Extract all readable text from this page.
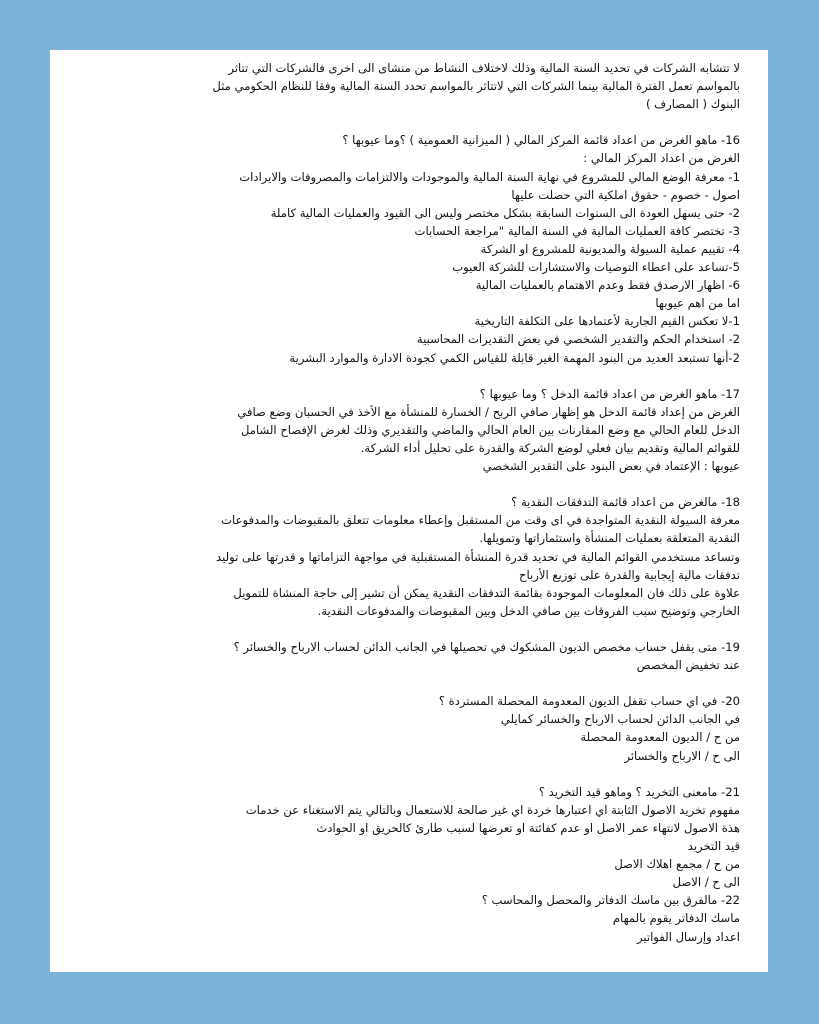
لا تتشابه الشركات في تحديد السنة المالية وذلك لاختلاف النشاط من منشاى الى اخرى فالشركات التي تتاثر
بالمواسم تعمل الفترة المالية بينما الشركات التي لاتتاثر بالمواسم تحدد السنة المالية وفقا للنظام الحكومي مثل
البنوك ( المصارف )
16- ماهو الغرض من اعداد قائمة المركز المالي ( الميزانية العمومية ) ؟وما عيوبها ؟
الغرض من اعداد المركز المالي :
1- معرفة الوضع المالي للمشروع في نهاية السنة المالية والموجودات والالتزامات والمصروفات والايرادات
اصول - خصوم - حقوق املكية التي حصلت عليها
2- حتى يسهل العودة الى السنوات السابقة بشكل مختصر وليس الى القيود والعمليات المالية كاملة
3- تختصر كافة العمليات المالية في السنة المالية "مراجعة الحسابات
4- تقييم عملية السيولة والمديونية للمشروع او الشركة
5-تساعد على اعطاء التوصيات والاستشارات للشركة العيوب
6- اظهار الارصدق فقط وعدم الاهتمام بالعمليات المالية
اما من اهم عيوبها
1-لا تعكس القيم الجارية لأعتمادها على التكلفة التاريخية
2- استخدام الحكم والتقدير الشخصي في بعض التقديرات المحاسبية
2-أنها تستبعد العديد من البنود المهمة الغير قابلة للقياس الكمي كجودة الادارة والموارد البشرية
17- ماهو الغرض من اعداد قائمة الدخل ؟ وما عيوبها ؟
الغرض من إعداد قائمة الدخل هو إظهار صافي الربح / الخسارة للمنشأة مع الأخذ في الحسبان وضع صافي
الدخل للعام الحالي مع وضع المقارنات بين العام الحالي والماضي والتقديري وذلك لغرض الإفصاح الشامل
للقوائم المالية وتقديم بيان فعلي لوضع الشركة والقدرة على تحليل أداء الشركة.
عيوبها : الإعتماد في بعض البنود على التقدير الشخصي
18- مالغرض من اعداد قائمة التدفقات النقدية ؟
معرفة السيولة النقدية المتواجدة في اى وقت من المستقبل وإعطاء معلومات تتعلق بالمقبوضات والمدفوعات
النقدية المتعلقة بعمليات المنشأة واستثماراتها وتمويلها.
وتساعد مستخدمي القوائم المالية في تحديد قدرة المنشأة المستقبلية في مواجهة التزاماتها و قدرتها على توليد
تدفقات مالية إيجابية والقدرة على توزيع الأرباح
علاوة على ذلك فان المعلومات الموجودة بقائمة التدفقات النقدية يمكن أن تشير إلى حاجة المنشاة للتمويل
الخارجي وتوضيح سبب الفروقات بين صافي الدخل وبين المقبوضات والمدفوعات النقدية.
19- متى يقفل حساب مخصص الديون المشكوك في تحصيلها في الجانب الدائن لحساب الارباح والخسائر ؟
عند تخفيض المخصص
20- في اي حساب تقفل الديون المعدومة المحصلة المستردة ؟
في الجانب الدائن لحساب الارباح والخسائر كمايلي
من ح / الديون المعدومة المحصلة
الى ح / الارباح والخسائر
21- مامعنى التخريد ؟ وماهو قيد التخريد ؟
مفهوم تخريد الاصول الثابتة اي اعتبارها خردة اي غير صالحة للاستعمال وبالتالي يتم الاستغناء عن خدمات
هذة الاصول لانتهاء عمر الاصل او عدم كفائتة او تعرضها لسبب طارئ كالحريق او الحوادث
قيد التخريد
من ح / مجمع اهلاك الاصل
الى ح / الاصل
22- مالفرق بين ماسك الدفاتر والمحصل والمحاسب ؟
ماسك الدفاتر يقوم بالمهام
اعداد وإرسال الفواتير
